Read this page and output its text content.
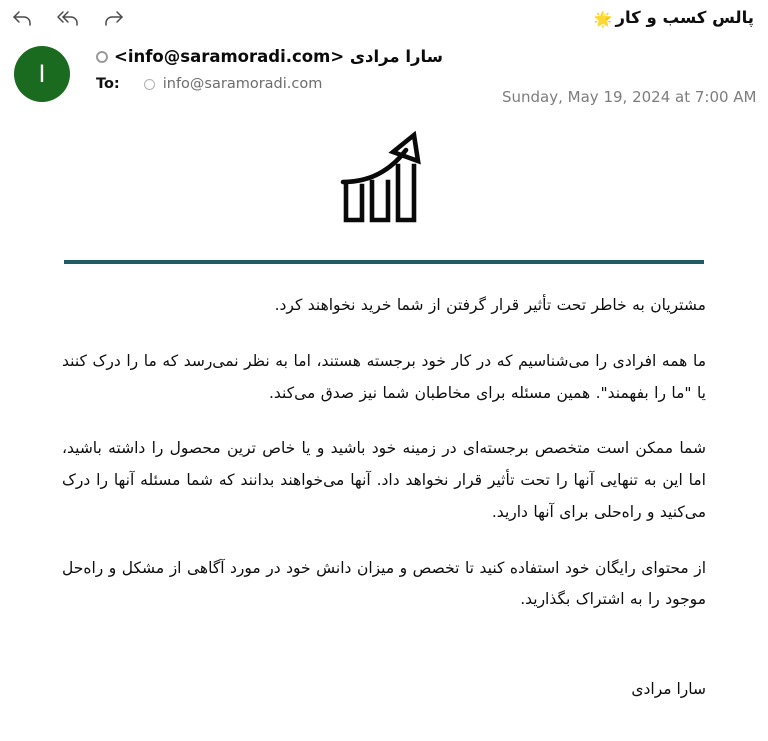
پالس کسب و کار🌟
I
سارا مرادی <info@saramoradi.com>
To:	info@saramoradi.com
Sunday, May 19, 2024 at 7:00 AM

مشتریان به خاطر تحت تأثیر قرار گرفتن از شما خرید نخواهند کرد.

ما همه افرادی را می‌شناسیم که در کار خود برجسته هستند، اما به نظر نمی‌رسد که ما را درک کنند یا "ما را بفهمند". همین مسئله برای مخاطبان شما نیز صدق می‌کند.

شما ممکن است متخصص برجسته‌ای در زمینه خود باشید و یا خاص ترین محصول را داشته باشید، اما این به تنهایی آنها را تحت تأثیر قرار نخواهد داد. آنها می‌خواهند بدانند که شما مسئله آنها را درک می‌کنید و راه‌حلی برای آنها دارید.

از محتوای رایگان خود استفاده کنید تا تخصص و میزان دانش خود در مورد آگاهی از مشکل و راه‌حل موجود را به اشتراک بگذارید.

سارا مرادی
